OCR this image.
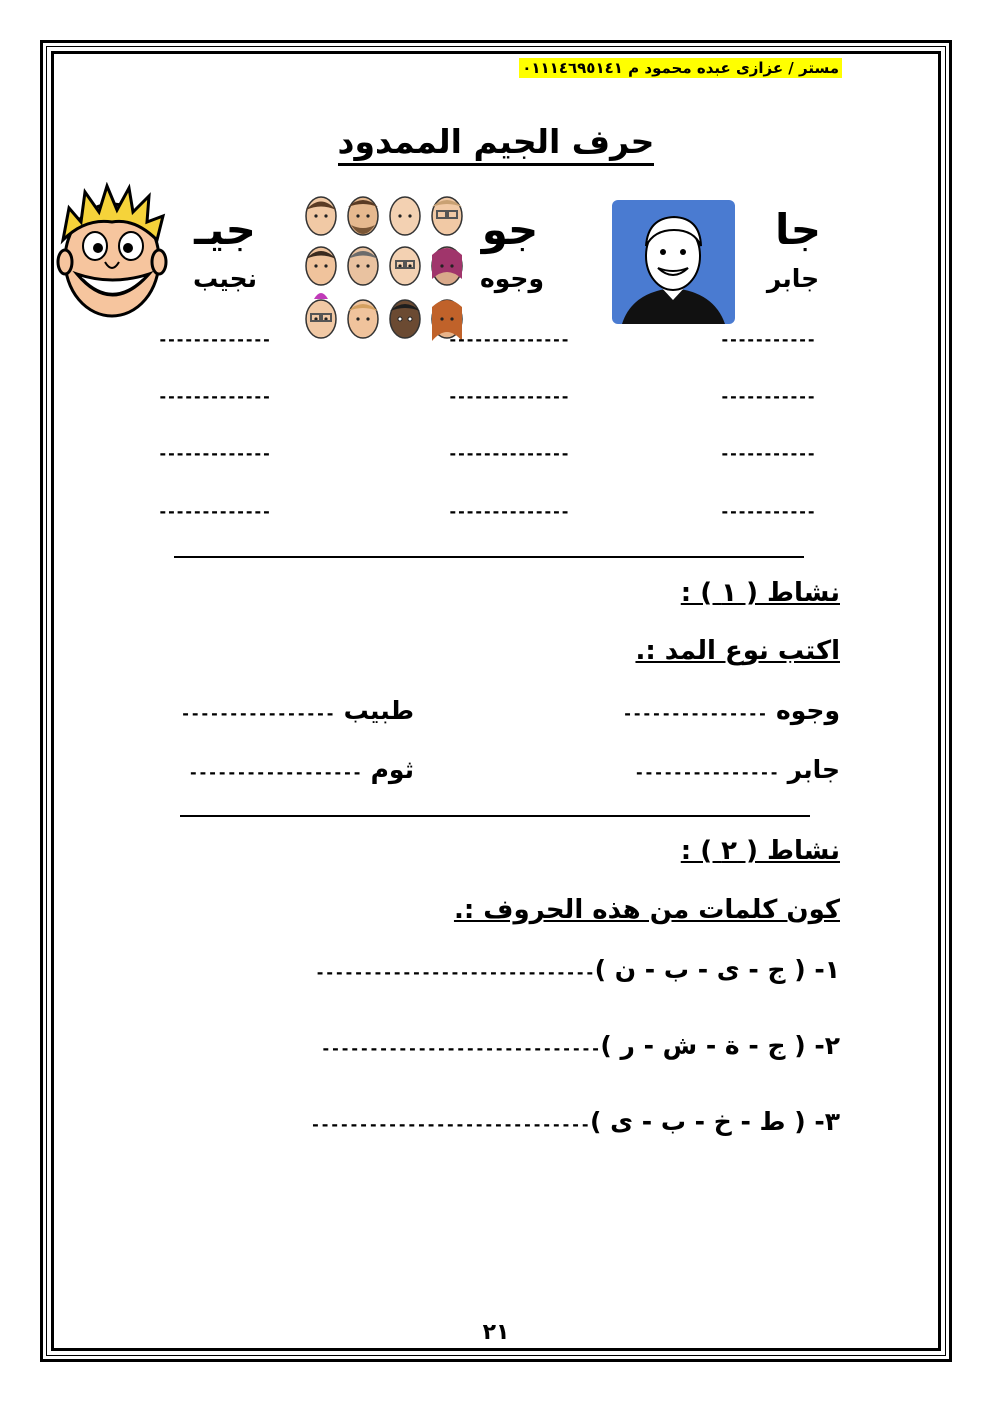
مستر / عزازى عبده محمود م ٠١١١٤٦٩٥١٤١
حرف الجيم الممدود
جا
جابر
جو
وجوه
جيـ
نجيب
-----------
--------------
-------------
-----------
--------------
-------------
-----------
--------------
-------------
-----------
--------------
-------------
نشاط ( ١ ) :
اكتب نوع المد :.
وجوه ---------------
طبيب ----------------
جابر ---------------
ثوم ------------------
نشاط ( ٢ ) :
كون كلمات من هذه الحروف :.
١- ( ج - ى - ب - ن )-----------------------------
٢- ( ج - ة - ش - ر )-----------------------------
٣- ( ط - خ - ب - ى )-----------------------------
٢١
